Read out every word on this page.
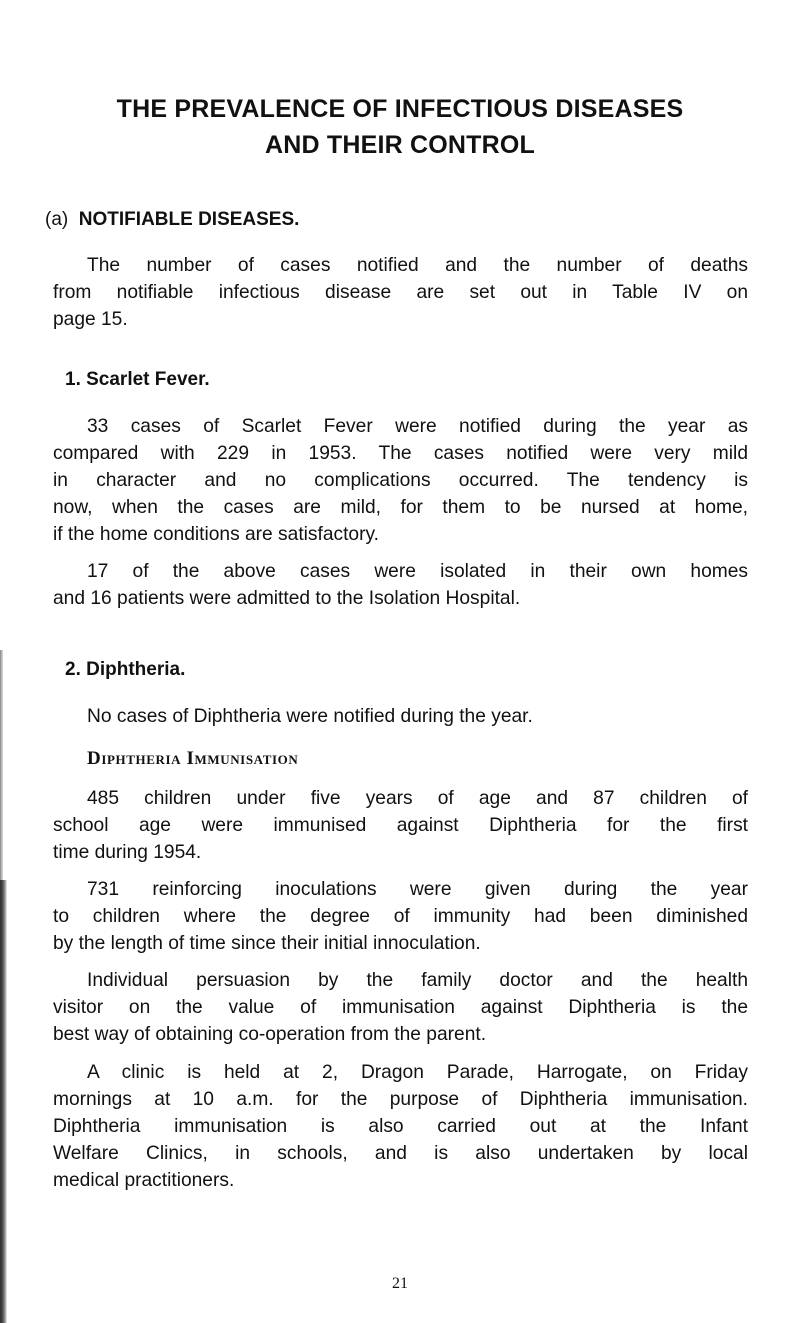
THE PREVALENCE OF INFECTIOUS DISEASES
AND THEIR CONTROL
(a) NOTIFIABLE DISEASES.

The number of cases notified and the number of deaths
from notifiable infectious disease are set out in Table IV on
page 15.

1. Scarlet Fever.

33 cases of Scarlet Fever were notified during the year as
compared with 229 in 1953. The cases notified were very mild
in character and no complications occurred. The tendency is
now, when the cases are mild, for them to be nursed at home,
if the home conditions are satisfactory.

17 of the above cases were isolated in their own homes
and 16 patients were admitted to the Isolation Hospital.

2. Diphtheria.

No cases of Diphtheria were notified during the year.

Diphtheria Immunisation

485 children under five years of age and 87 children of
school age were immunised against Diphtheria for the first
time during 1954.

731 reinforcing inoculations were given during the year
to children where the degree of immunity had been diminished
by the length of time since their initial innoculation.

Individual persuasion by the family doctor and the health
visitor on the value of immunisation against Diphtheria is the
best way of obtaining co-operation from the parent.

A clinic is held at 2, Dragon Parade, Harrogate, on Friday
mornings at 10 a.m. for the purpose of Diphtheria immunisation.
Diphtheria immunisation is also carried out at the Infant
Welfare Clinics, in schools, and is also undertaken by local
medical practitioners.

21
